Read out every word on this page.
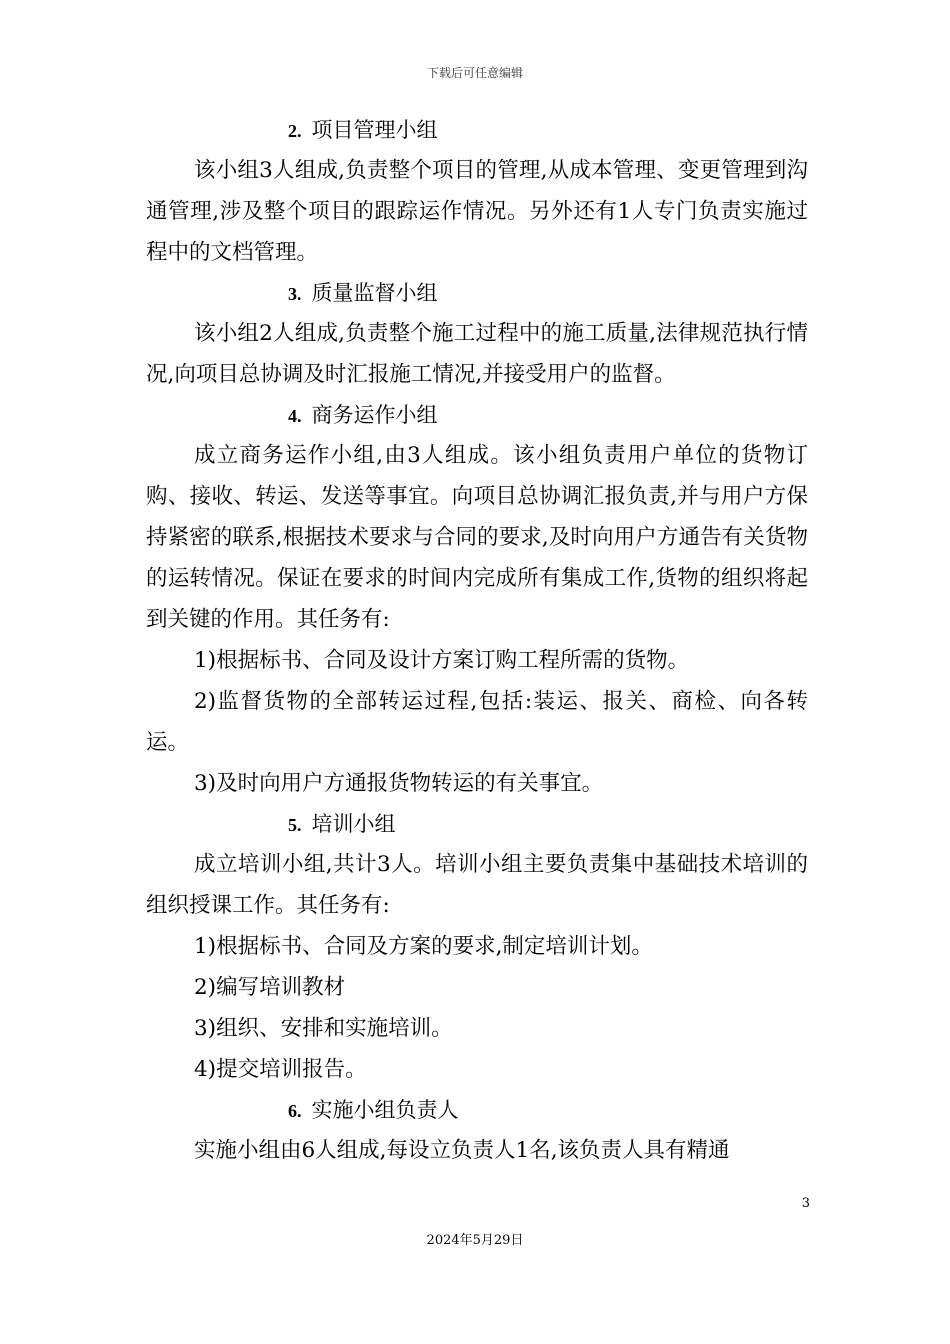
下载后可任意编辑
2. 项目管理小组

该小组3人组成,负责整个项目的管理,从成本管理、变更管理到沟通管理,涉及整个项目的跟踪运作情况。另外还有1人专门负责实施过程中的文档管理。

3. 质量监督小组

该小组2人组成,负责整个施工过程中的施工质量,法律规范执行情况,向项目总协调及时汇报施工情况,并接受用户的监督。

4. 商务运作小组

成立商务运作小组,由3人组成。该小组负责用户单位的货物订购、接收、转运、发送等事宜。向项目总协调汇报负责,并与用户方保持紧密的联系,根据技术要求与合同的要求,及时向用户方通告有关货物的运转情况。保证在要求的时间内完成所有集成工作,货物的组织将起到关键的作用。其任务有:

1)根据标书、合同及设计方案订购工程所需的货物。

2)监督货物的全部转运过程,包括:装运、报关、商检、向各转运。

3)及时向用户方通报货物转运的有关事宜。

5. 培训小组

成立培训小组,共计3人。培训小组主要负责集中基础技术培训的组织授课工作。其任务有:

1)根据标书、合同及方案的要求,制定培训计划。

2)编写培训教材

3)组织、安排和实施培训。

4)提交培训报告。

6. 实施小组负责人

实施小组由6人组成,每设立负责人1名,该负责人具有精通

3
2024年5月29日
